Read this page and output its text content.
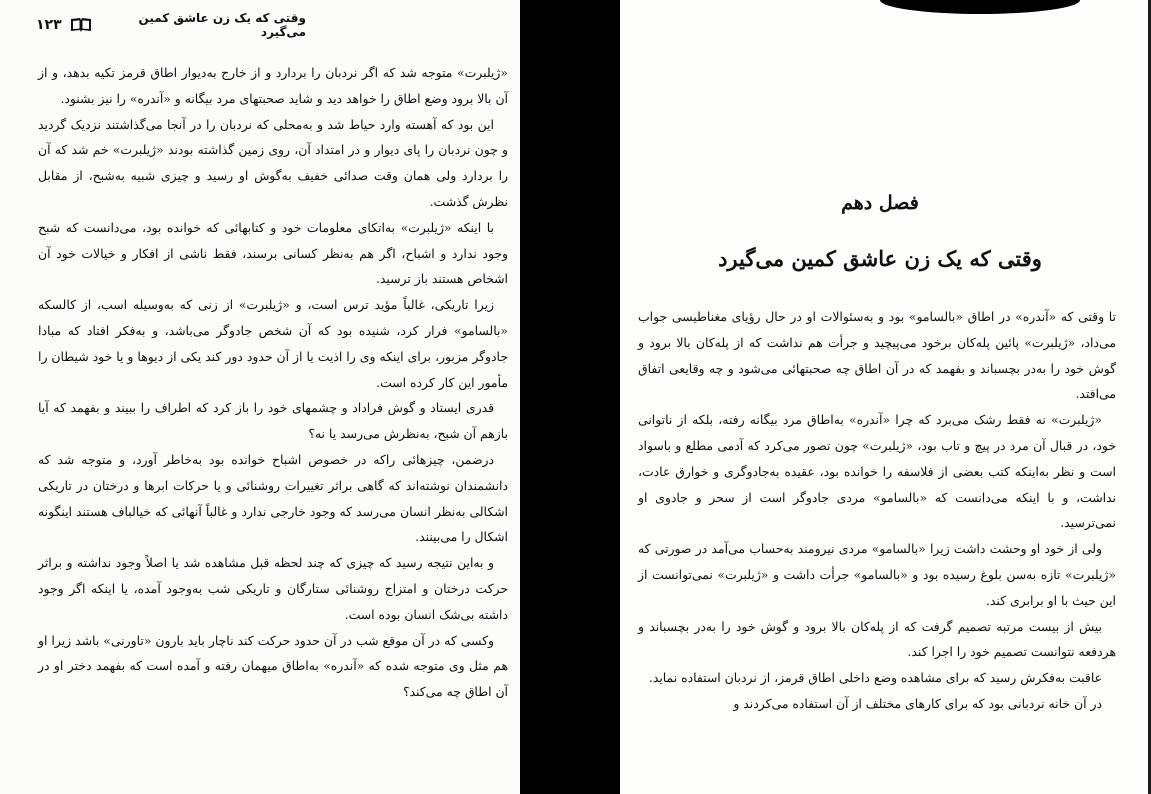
١٢٣	وقتی که یک زن عاشق کمین می‌گیرد

«ژیلبرت» متوجه شد که اگر نردبان را بردارد و از خارج به‌دیوار اطاق قرمز تکیه بدهد، و از آن بالا برود وضع اطاق را خواهد دید و شاید صحبتهای مرد بیگانه و «آندره» را نیز بشنود.

این بود که آهسته وارد حیاط شد و به‌محلی که نردبان را در آنجا می‌گذاشتند نزدیک گردید و چون نردبان را پای دیوار و در امتداد آن، روی زمین گذاشته بودند «ژیلبرت» خم شد که آن را بردارد ولی همان وقت صدائی خفیف به‌گوش او رسید و چیزی شبیه به‌شبح، از مقابل نظرش گذشت.

با اینکه «ژیلبرت» به‌اتکای معلومات خود و کتابهائی که خوانده بود، می‌دانست که شبح وجود ندارد و اشباح، اگر هم به‌نظر کسانی برسند، فقط ناشی از افکار و خیالات خود آن اشخاص هستند باز ترسید.

زیرا تاریکی، غالباً مؤید ترس است، و «ژیلبرت» از زنی که به‌وسیله اسب، از کالسکه «بالسامو» فرار کرد، شنیده بود که آن شخص جادوگر می‌باشد، و به‌فکر افتاد که مبادا جادوگر مزبور، برای اینکه وی را اذیت یا از آن حدود دور کند یکی از دیوها و یا خود شیطان را مأمور این کار کرده است.

قدری ایستاد و گوش فراداد و چشمهای خود را باز کرد که اطراف را ببیند و بفهمد که آیا بازهم آن شبح، به‌نظرش می‌رسد یا نه؟

درضمن، چیزهائی راکه در خصوص اشباح خوانده بود به‌خاطر آورد، و متوجه شد که دانشمندان نوشته‌اند که گاهی براثر تغییرات روشنائی و یا حرکات ابرها و درختان در تاریکی اشکالی به‌نظر انسان می‌رسد که وجود خارجی ندارد و غالباً آنهائی که خیالباف هستند اینگونه اشکال را می‌بینند.

و به‌این نتیجه رسید که چیزی که چند لحظه قبل مشاهده شد یا اصلاً وجود نداشته و براثر حرکت درختان و امتزاج روشنائی ستارگان و تاریکی شب به‌وجود آمده، یا اینکه اگر وجود داشته بی‌شک انسان بوده است.

وکسی که در آن موقع شب در آن حدود حرکت کند ناچار باید بارون «تاورنی» باشد زیرا او هم مثل وی متوجه شده که «آندره» به‌اطاق میهمان رفته و آمده است که بفهمد دختر او در آن اطاق چه می‌کند؟

فصل دهم
وقتی که یک زن عاشق کمین می‌گیرد

تا وقتی که «آندره» در اطاق «بالسامو» بود و به‌سئوالات او در حال رؤیای مغناطیسی جواب می‌داد، «ژیلبرت» پائین پله‌کان برخود می‌پیچید و جرأت هم نداشت که از پله‌کان بالا برود و گوش خود را به‌در بچسباند و بفهمد که در آن اطاق چه صحبتهائی می‌شود و چه وقایعی اتفاق می‌افتد.

«ژیلبرت» نه فقط رشک می‌برد که چرا «آندره» به‌اطاق مرد بیگانه رفته، بلکه از ناتوانی خود، در قبال آن مرد در پیچ و تاب بود، «ژیلبرت» چون تصور می‌کرد که آدمی مطلع و باسواد است و نظر به‌اینکه کتب بعضی از فلاسفه را خوانده بود، عقیده به‌جادوگری و خوارق عادت، نداشت، و با اینکه می‌دانست که «بالسامو» مردی جادوگر است از سحر و جادوی او نمی‌ترسید.

ولی از خود او وحشت داشت زیرا «بالسامو» مردی نیرومند به‌حساب می‌آمد در صورتی که «ژیلبرت» تازه به‌سن بلوغ رسیده بود و «بالسامو» جرأت داشت و «ژیلبرت» نمی‌توانست از این حیث با او برابری کند.

بیش از بیست مرتبه تصمیم گرفت که از پله‌کان بالا برود و گوش خود را به‌در بچسباند و هردفعه نتوانست تصمیم خود را اجرا کند.

عاقبت به‌فکرش رسید که برای مشاهده وضع داخلی اطاق قرمز، از نردبان استفاده نماید.

در آن خانه نردبانی بود که برای کارهای مختلف از آن استفاده می‌کردند و
